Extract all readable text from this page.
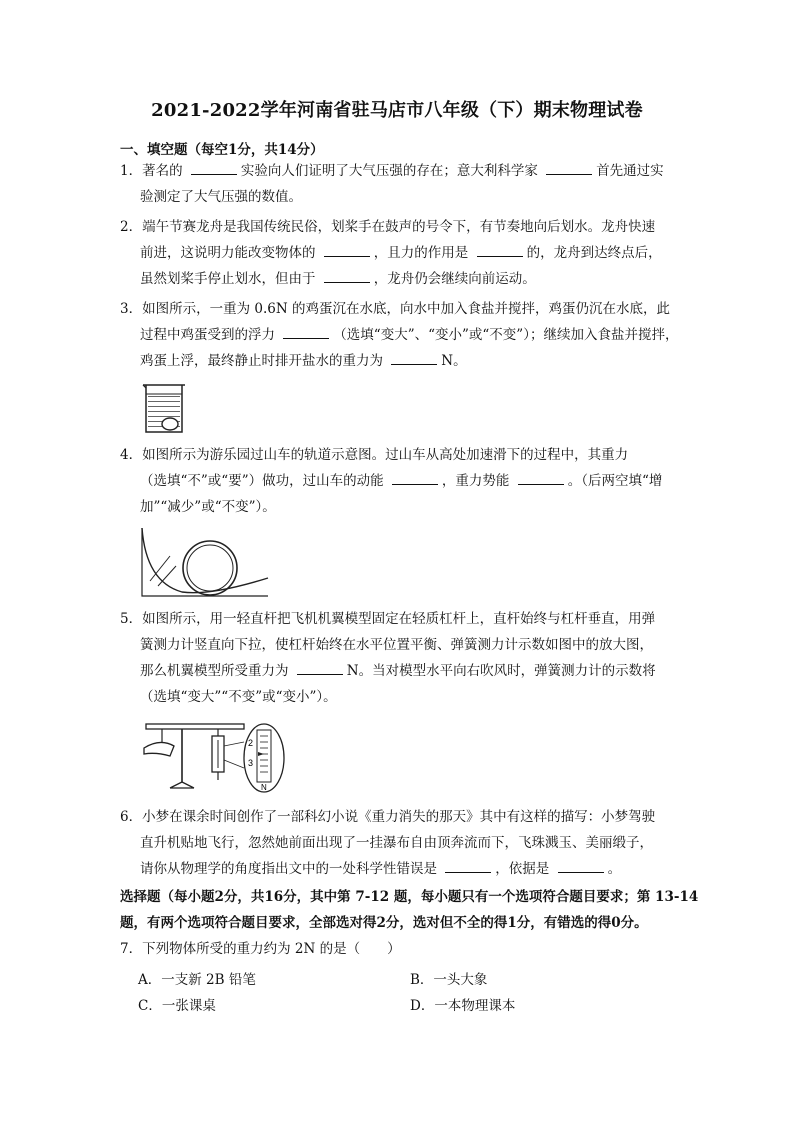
2021-2022学年河南省驻马店市八年级（下）期末物理试卷
一、填空题（每空1分，共14分）
1．著名的	实验向人们证明了大气压强的存在；意大利科学家	首先通过实
验测定了大气压强的数值。
2．端午节赛龙舟是我国传统民俗，划桨手在鼓声的号令下，有节奏地向后划水。龙舟快速
前进，这说明力能改变物体的	，且力的作用是	的，龙舟到达终点后，
虽然划桨手停止划水，但由于	，龙舟仍会继续向前运动。
3．如图所示，一重为 0.6N 的鸡蛋沉在水底，向水中加入食盐并搅拌，鸡蛋仍沉在水底，此
过程中鸡蛋受到的浮力	（选填“变大”、“变小”或“不变”）；继续加入食盐并搅拌，
鸡蛋上浮，最终静止时排开盐水的重力为	N。
4．如图所示为游乐园过山车的轨道示意图。过山车从高处加速滑下的过程中，其重力
（选填“不”或“要”）做功，过山车的动能	，重力势能	。（后两空填“增
加”“减少”或“不变”）。
5．如图所示，用一轻直杆把飞机机翼模型固定在轻质杠杆上，直杆始终与杠杆垂直，用弹
簧测力计竖直向下拉，使杠杆始终在水平位置平衡、弹簧测力计示数如图中的放大图，
那么机翼模型所受重力为	N。当对模型水平向右吹风时，弹簧测力计的示数将
（选填“变大”“不变”或“变小”）。
2
3
N
6．小梦在课余时间创作了一部科幻小说《重力消失的那天》其中有这样的描写：小梦驾驶
直升机贴地飞行，忽然她前面出现了一挂瀑布自由顶奔流而下，飞珠溅玉、美丽缎子，
请你从物理学的角度指出文中的一处科学性错误是	，依据是	。
选择题（每小题2分，共16分，其中第 7-12 题，每小题只有一个选项符合题目要求；第 13-14
题，有两个选项符合题目要求，全部选对得2分，选对但不全的得1分，有错选的得0分。
7．下列物体所受的重力约为 2N 的是（　　）
A．一支新 2B 铅笔	B．一头大象
C．一张课桌	D．一本物理课本
